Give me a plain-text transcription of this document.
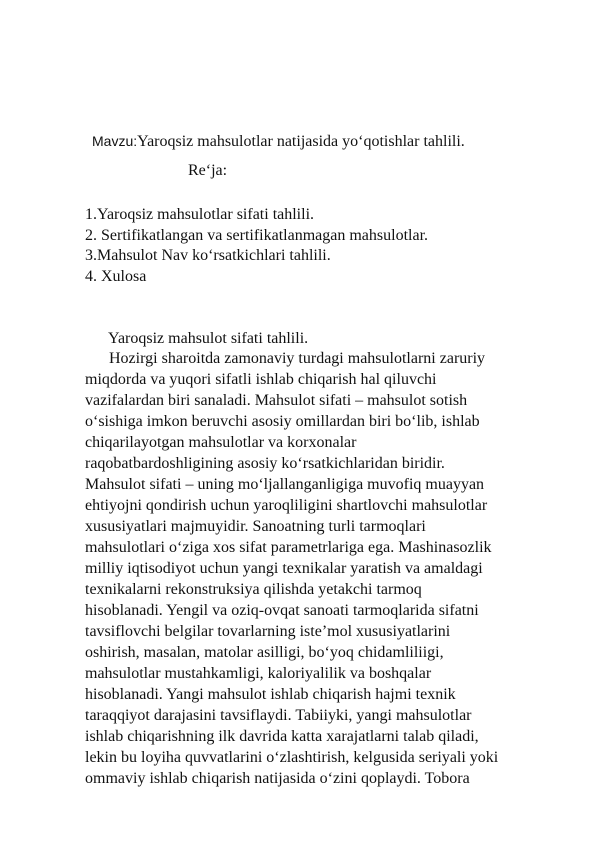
Mavzu:Yaroqsiz mahsulotlar natijasida yo‘qotishlar tahlili.
Re‘ja:
1.Yaroqsiz mahsulotlar sifati tahlili.
2. Sertifikatlangan va sertifikatlanmagan mahsulotlar.
3.Mahsulot Nav ko‘rsatkichlari tahlili.
4. Xulosa
Yaroqsiz mahsulot sifati tahlili.
Hozirgi sharoitda zamonaviy turdagi mahsulotlarni zaruriy
miqdorda va yuqori sifatli ishlab chiqarish hal qiluvchi
vazifalardan biri sanaladi. Mahsulot sifati – mahsulot sotish
o‘sishiga imkon beruvchi asosiy omillardan biri bo‘lib, ishlab
chiqarilayotgan mahsulotlar va korxonalar
raqobatbardoshligining asosiy ko‘rsatkichlaridan biridir.
Mahsulot sifati – uning mo‘ljallanganligiga muvofiq muayyan
ehtiyojni qondirish uchun yaroqliligini shartlovchi mahsulotlar
xususiyatlari majmuyidir. Sanoatning turli tarmoqlari
mahsulotlari o‘ziga xos sifat parametrlariga ega. Mashinasozlik
milliy iqtisodiyot uchun yangi texnikalar yaratish va amaldagi
texnikalarni rekonstruksiya qilishda yetakchi tarmoq
hisoblanadi. Yengil va oziq-ovqat sanoati tarmoqlarida sifatni
tavsiflovchi belgilar tovarlarning iste’mol xususiyatlarini
oshirish, masalan, matolar asilligi, bo‘yoq chidamliliigi,
mahsulotlar mustahkamligi, kaloriyalilik va boshqalar
hisoblanadi. Yangi mahsulot ishlab chiqarish hajmi texnik
taraqqiyot darajasini tavsiflaydi. Tabiiyki, yangi mahsulotlar
ishlab chiqarishning ilk davrida katta xarajatlarni talab qiladi,
lekin bu loyiha quvvatlarini o‘zlashtirish, kelgusida seriyali yoki
ommaviy ishlab chiqarish natijasida o‘zini qoplaydi. Tobora
